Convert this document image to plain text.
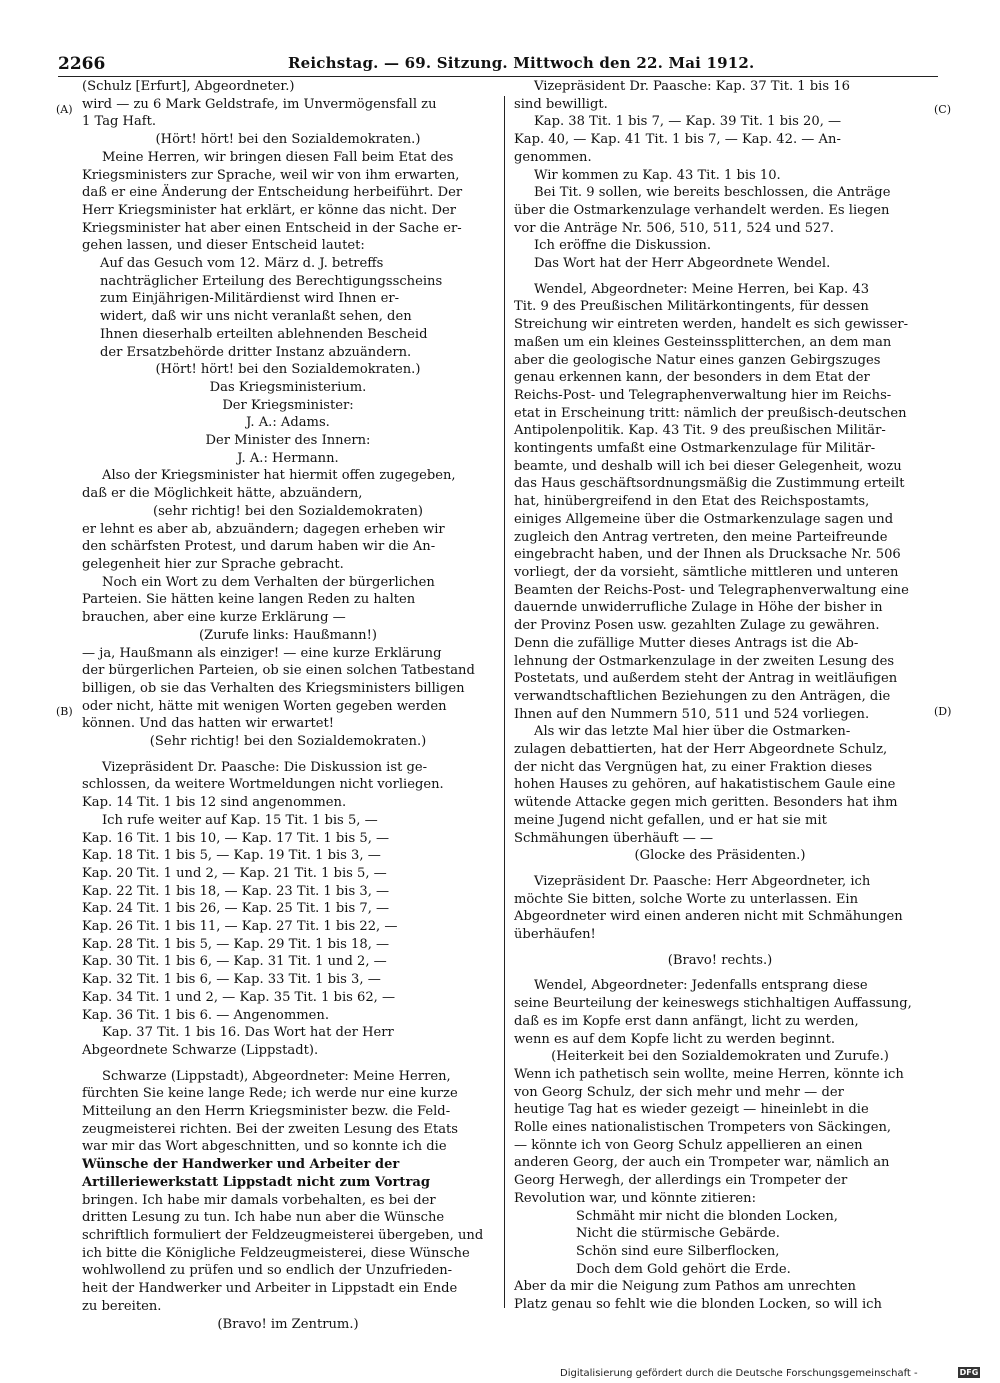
2266	Reichstag. — 69. Sitzung. Mittwoch den 22. Mai 1912.
(A)
(B)
(C)
(D)

(Schulz [Erfurt], Abgeordneter.)

wird — zu 6 Mark Geldstrafe, im Unvermögensfall zu

1 Tag Haft.

(Hört! hört! bei den Sozialdemokraten.)

Meine Herren, wir bringen diesen Fall beim Etat des

Kriegsministers zur Sprache, weil wir von ihm erwarten,

daß er eine Änderung der Entscheidung herbeiführt. Der

Herr Kriegsminister hat erklärt, er könne das nicht. Der

Kriegsminister hat aber einen Entscheid in der Sache er-

gehen lassen, und dieser Entscheid lautet:

Auf das Gesuch vom 12. März d. J. betreffs

nachträglicher Erteilung des Berechtigungsscheins

zum Einjährigen-Militärdienst wird Ihnen er-

widert, daß wir uns nicht veranlaßt sehen, den

Ihnen dieserhalb erteilten ablehnenden Bescheid

der Ersatzbehörde dritter Instanz abzuändern.

(Hört! hört! bei den Sozialdemokraten.)

Das Kriegsministerium.

Der Kriegsminister:

J. A.: Adams.

Der Minister des Innern:

J. A.: Hermann.

Also der Kriegsminister hat hiermit offen zugegeben,

daß er die Möglichkeit hätte, abzuändern,

(sehr richtig! bei den Sozialdemokraten)

er lehnt es aber ab, abzuändern; dagegen erheben wir

den schärfsten Protest, und darum haben wir die An-

gelegenheit hier zur Sprache gebracht.

Noch ein Wort zu dem Verhalten der bürgerlichen

Parteien. Sie hätten keine langen Reden zu halten

brauchen, aber eine kurze Erklärung —

(Zurufe links: Haußmann!)

— ja, Haußmann als einziger! — eine kurze Erklärung

der bürgerlichen Parteien, ob sie einen solchen Tatbestand

billigen, ob sie das Verhalten des Kriegsministers billigen

oder nicht, hätte mit wenigen Worten gegeben werden

können. Und das hatten wir erwartet!

(Sehr richtig! bei den Sozialdemokraten.)

Vizepräsident Dr. Paasche: Die Diskussion ist ge-

schlossen, da weitere Wortmeldungen nicht vorliegen.

Kap. 14 Tit. 1 bis 12 sind angenommen.

Ich rufe weiter auf Kap. 15 Tit. 1 bis 5, —

Kap. 16 Tit. 1 bis 10, — Kap. 17 Tit. 1 bis 5, —

Kap. 18 Tit. 1 bis 5, — Kap. 19 Tit. 1 bis 3, —

Kap. 20 Tit. 1 und 2, — Kap. 21 Tit. 1 bis 5, —

Kap. 22 Tit. 1 bis 18, — Kap. 23 Tit. 1 bis 3, —

Kap. 24 Tit. 1 bis 26, — Kap. 25 Tit. 1 bis 7, —

Kap. 26 Tit. 1 bis 11, — Kap. 27 Tit. 1 bis 22, —

Kap. 28 Tit. 1 bis 5, — Kap. 29 Tit. 1 bis 18, —

Kap. 30 Tit. 1 bis 6, — Kap. 31 Tit. 1 und 2, —

Kap. 32 Tit. 1 bis 6, — Kap. 33 Tit. 1 bis 3, —

Kap. 34 Tit. 1 und 2, — Kap. 35 Tit. 1 bis 62, —

Kap. 36 Tit. 1 bis 6. — Angenommen.

Kap. 37 Tit. 1 bis 16. Das Wort hat der Herr

Abgeordnete Schwarze (Lippstadt).

Schwarze (Lippstadt), Abgeordneter: Meine Herren,

fürchten Sie keine lange Rede; ich werde nur eine kurze

Mitteilung an den Herrn Kriegsminister bezw. die Feld-

zeugmeisterei richten. Bei der zweiten Lesung des Etats

war mir das Wort abgeschnitten, und so konnte ich die

Wünsche der Handwerker und Arbeiter der

Artilleriewerkstatt Lippstadt nicht zum Vortrag

bringen. Ich habe mir damals vorbehalten, es bei der

dritten Lesung zu tun. Ich habe nun aber die Wünsche

schriftlich formuliert der Feldzeugmeisterei übergeben, und

ich bitte die Königliche Feldzeugmeisterei, diese Wünsche

wohlwollend zu prüfen und so endlich der Unzufrieden-

heit der Handwerker und Arbeiter in Lippstadt ein Ende

zu bereiten.

(Bravo! im Zentrum.)

Vizepräsident Dr. Paasche: Kap. 37 Tit. 1 bis 16

sind bewilligt.

Kap. 38 Tit. 1 bis 7, — Kap. 39 Tit. 1 bis 20, —

Kap. 40, — Kap. 41 Tit. 1 bis 7, — Kap. 42. — An-

genommen.

Wir kommen zu Kap. 43 Tit. 1 bis 10.

Bei Tit. 9 sollen, wie bereits beschlossen, die Anträge

über die Ostmarkenzulage verhandelt werden. Es liegen

vor die Anträge Nr. 506, 510, 511, 524 und 527.

Ich eröffne die Diskussion.

Das Wort hat der Herr Abgeordnete Wendel.

Wendel, Abgeordneter: Meine Herren, bei Kap. 43

Tit. 9 des Preußischen Militärkontingents, für dessen

Streichung wir eintreten werden, handelt es sich gewisser-

maßen um ein kleines Gesteinssplitterchen, an dem man

aber die geologische Natur eines ganzen Gebirgszuges

genau erkennen kann, der besonders in dem Etat der

Reichs-Post- und Telegraphenverwaltung hier im Reichs-

etat in Erscheinung tritt: nämlich der preußisch-deutschen

Antipolenpolitik. Kap. 43 Tit. 9 des preußischen Militär-

kontingents umfaßt eine Ostmarkenzulage für Militär-

beamte, und deshalb will ich bei dieser Gelegenheit, wozu

das Haus geschäftsordnungsmäßig die Zustimmung erteilt

hat, hinübergreifend in den Etat des Reichspostamts,

einiges Allgemeine über die Ostmarkenzulage sagen und

zugleich den Antrag vertreten, den meine Parteifreunde

eingebracht haben, und der Ihnen als Drucksache Nr. 506

vorliegt, der da vorsieht, sämtliche mittleren und unteren

Beamten der Reichs-Post- und Telegraphenverwaltung eine

dauernde unwiderrufliche Zulage in Höhe der bisher in

der Provinz Posen usw. gezahlten Zulage zu gewähren.

Denn die zufällige Mutter dieses Antrags ist die Ab-

lehnung der Ostmarkenzulage in der zweiten Lesung des

Postetats, und außerdem steht der Antrag in weitläufigen

verwandtschaftlichen Beziehungen zu den Anträgen, die

Ihnen auf den Nummern 510, 511 und 524 vorliegen.

Als wir das letzte Mal hier über die Ostmarken-

zulagen debattierten, hat der Herr Abgeordnete Schulz,

der nicht das Vergnügen hat, zu einer Fraktion dieses

hohen Hauses zu gehören, auf hakatistischem Gaule eine

wütende Attacke gegen mich geritten. Besonders hat ihm

meine Jugend nicht gefallen, und er hat sie mit

Schmähungen überhäuft — —

(Glocke des Präsidenten.)

Vizepräsident Dr. Paasche: Herr Abgeordneter, ich

möchte Sie bitten, solche Worte zu unterlassen. Ein

Abgeordneter wird einen anderen nicht mit Schmähungen

überhäufen!

(Bravo! rechts.)

Wendel, Abgeordneter: Jedenfalls entsprang diese

seine Beurteilung der keineswegs stichhaltigen Auffassung,

daß es im Kopfe erst dann anfängt, licht zu werden,

wenn es auf dem Kopfe licht zu werden beginnt.

(Heiterkeit bei den Sozialdemokraten und Zurufe.)

Wenn ich pathetisch sein wollte, meine Herren, könnte ich

von Georg Schulz, der sich mehr und mehr — der

heutige Tag hat es wieder gezeigt — hineinlebt in die

Rolle eines nationalistischen Trompeters von Säckingen,

— könnte ich von Georg Schulz appellieren an einen

anderen Georg, der auch ein Trompeter war, nämlich an

Georg Herwegh, der allerdings ein Trompeter der

Revolution war, und könnte zitieren:

Schmäht mir nicht die blonden Locken,

Nicht die stürmische Gebärde.

Schön sind eure Silberflocken,

Doch dem Gold gehört die Erde.

Aber da mir die Neigung zum Pathos am unrechten

Platz genau so fehlt wie die blonden Locken, so will ich

Digitalisierung gefördert durch die Deutsche Forschungsgemeinschaft -	DFG
